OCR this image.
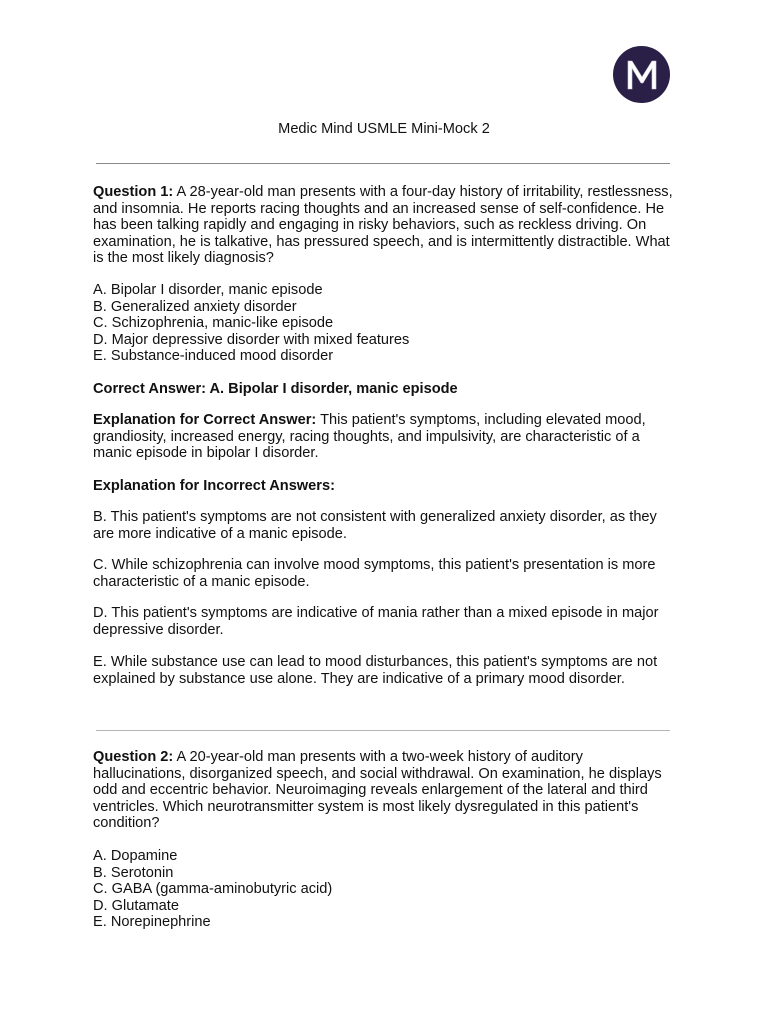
Medic Mind USMLE Mini-Mock 2

Question 1: A 28-year-old man presents with a four-day history of irritability, restlessness, and insomnia. He reports racing thoughts and an increased sense of self-confidence. He has been talking rapidly and engaging in risky behaviors, such as reckless driving. On examination, he is talkative, has pressured speech, and is intermittently distractible. What is the most likely diagnosis?

A. Bipolar I disorder, manic episode
B. Generalized anxiety disorder
C. Schizophrenia, manic-like episode
D. Major depressive disorder with mixed features
E. Substance-induced mood disorder

Correct Answer: A. Bipolar I disorder, manic episode

Explanation for Correct Answer: This patient's symptoms, including elevated mood, grandiosity, increased energy, racing thoughts, and impulsivity, are characteristic of a manic episode in bipolar I disorder.

Explanation for Incorrect Answers:

B. This patient's symptoms are not consistent with generalized anxiety disorder, as they are more indicative of a manic episode.

C. While schizophrenia can involve mood symptoms, this patient's presentation is more characteristic of a manic episode.

D. This patient's symptoms are indicative of mania rather than a mixed episode in major depressive disorder.

E. While substance use can lead to mood disturbances, this patient's symptoms are not explained by substance use alone. They are indicative of a primary mood disorder.

Question 2: A 20-year-old man presents with a two-week history of auditory hallucinations, disorganized speech, and social withdrawal. On examination, he displays odd and eccentric behavior. Neuroimaging reveals enlargement of the lateral and third ventricles. Which neurotransmitter system is most likely dysregulated in this patient's condition?

A. Dopamine
B. Serotonin
C. GABA (gamma-aminobutyric acid)
D. Glutamate
E. Norepinephrine
